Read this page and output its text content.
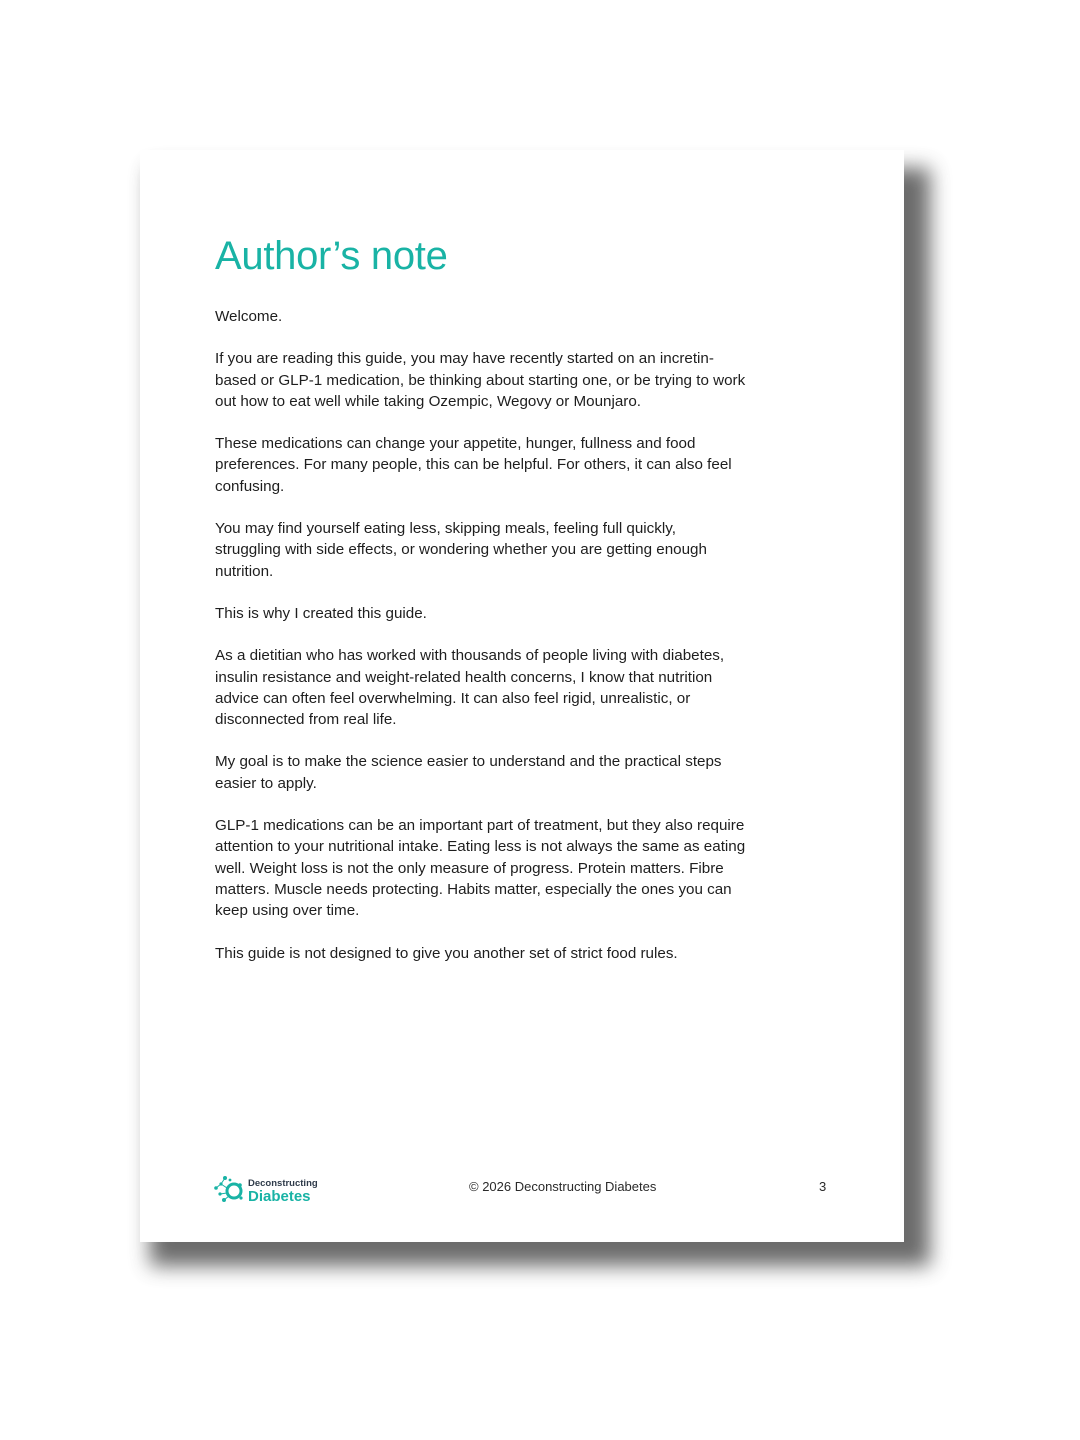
Author’s note

Welcome.

If you are reading this guide, you may have recently started on an incretin-
based or GLP-1 medication, be thinking about starting one, or be trying to work
out how to eat well while taking Ozempic, Wegovy or Mounjaro.

These medications can change your appetite, hunger, fullness and food
preferences. For many people, this can be helpful. For others, it can also feel
confusing.

You may find yourself eating less, skipping meals, feeling full quickly,
struggling with side effects, or wondering whether you are getting enough
nutrition.

This is why I created this guide.

As a dietitian who has worked with thousands of people living with diabetes,
insulin resistance and weight-related health concerns, I know that nutrition
advice can often feel overwhelming. It can also feel rigid, unrealistic, or
disconnected from real life.

My goal is to make the science easier to understand and the practical steps
easier to apply.

GLP-1 medications can be an important part of treatment, but they also require
attention to your nutritional intake. Eating less is not always the same as eating
well. Weight loss is not the only measure of progress. Protein matters. Fibre
matters. Muscle needs protecting. Habits matter, especially the ones you can
keep using over time.

This guide is not designed to give you another set of strict food rules.

Deconstructing
Diabetes
© 2026 Deconstructing Diabetes	3
